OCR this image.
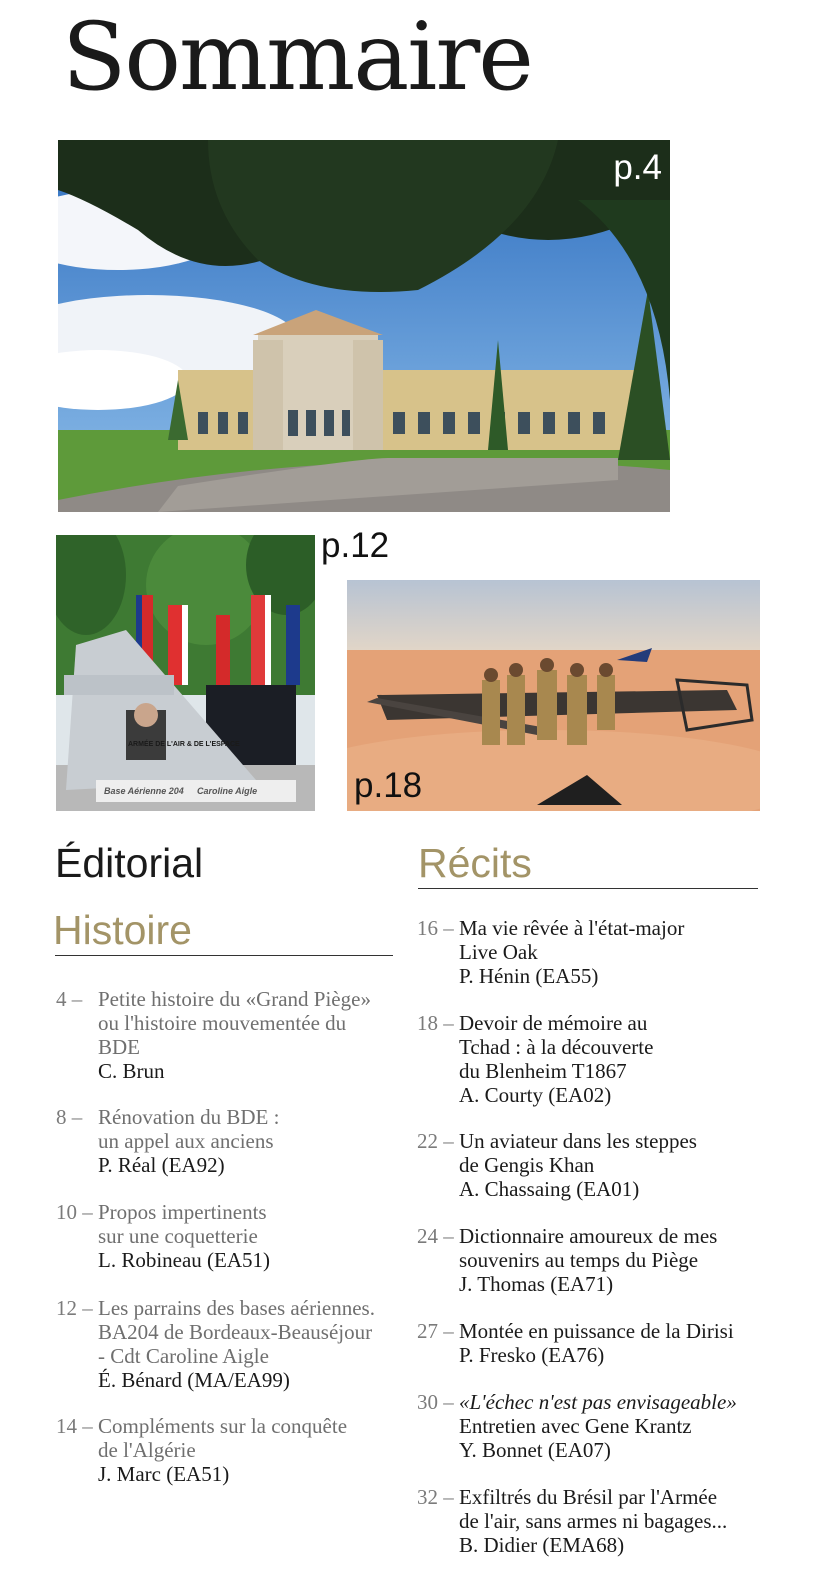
Sommaire
p.4
ARMÉE DE L'AIR & DE L'ESPACE
Base Aérienne 204 Caroline Aigle
p.12
p.18
Éditorial
Histoire
Récits
4 – Petite histoire du «Grand Piège»
ou l'histoire mouvementée du
BDE
C. Brun
8 – Rénovation du BDE :
un appel aux anciens
P. Réal (EA92)
10 – Propos impertinents
sur une coquetterie
L. Robineau (EA51)
12 – Les parrains des bases aériennes.
BA204 de Bordeaux-Beauséjour
- Cdt Caroline Aigle
É. Bénard (MA/EA99)
14 – Compléments sur la conquête
de l'Algérie
J. Marc (EA51)
16 – Ma vie rêvée à l'état-major
Live Oak
P. Hénin (EA55)
18 – Devoir de mémoire au
Tchad : à la découverte
du Blenheim T1867
A. Courty (EA02)
22 – Un aviateur dans les steppes
de Gengis Khan
A. Chassaing (EA01)
24 – Dictionnaire amoureux de mes
souvenirs au temps du Piège
J. Thomas (EA71)
27 – Montée en puissance de la Dirisi
P. Fresko (EA76)
30 – «L'échec n'est pas envisageable»
Entretien avec Gene Krantz
Y. Bonnet (EA07)
32 – Exfiltrés du Brésil par l'Armée
de l'air, sans armes ni bagages...
B. Didier (EMA68)
